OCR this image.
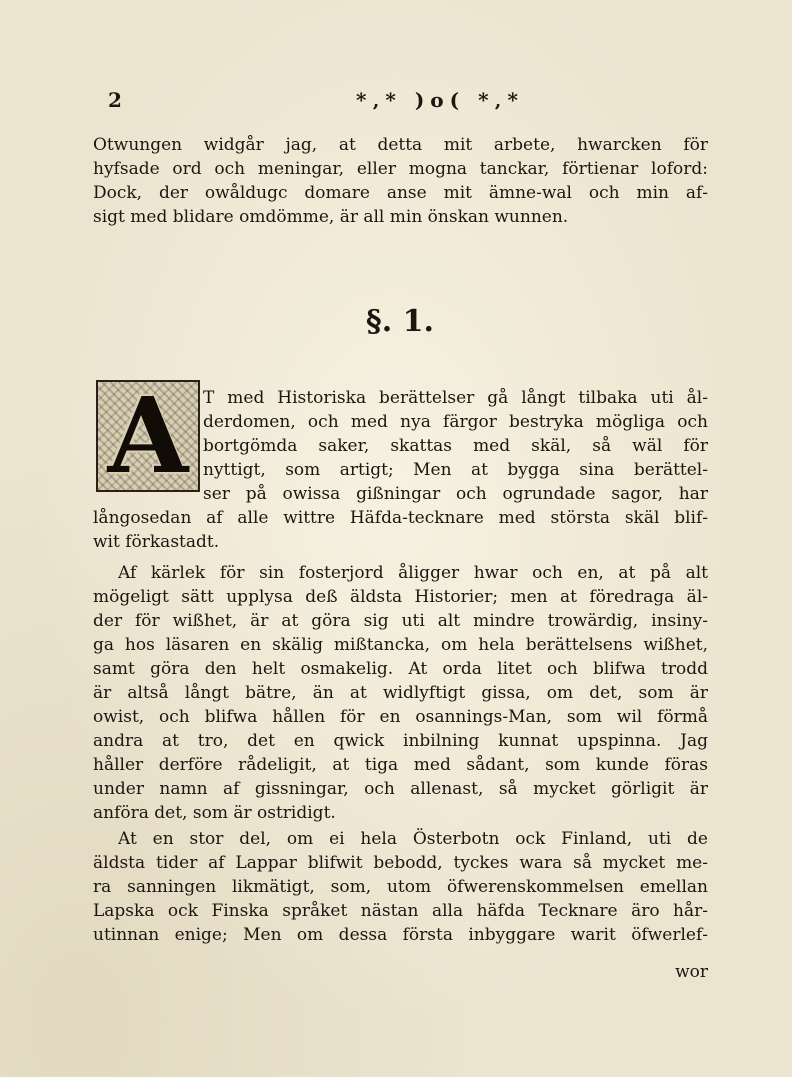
2	*‚* )o( *‚*
Otwungen widgår jag, at detta mit arbete, hwarcken för
hyfsade ord och meningar, eller mogna tanckar, förtienar loford:
Dock, der owåldugc domare anse mit ämne‑wal och min af‑
sigt med blidare omdömme, är all min önskan wunnen.
§. 1.
A T med Historiska berättelser gå långt tilbaka uti ål‑
derdomen, och med nya färgor bestryka mögliga och
bortgömda saker, skattas med skäl, så wäl för
nyttigt, som artigt; Men at bygga sina berättel‑
ser på owissa gißningar och ogrundade sagor, har
långosedan af alle wittre Häfda‑tecknare med största skäl blif‑
wit förkastadt.
Af kärlek för sin fosterjord åligger hwar och en, at på alt
mögeligt sätt upplysa deß äldsta Historier; men at föredraga äl‑
der för wißhet, är at göra sig uti alt mindre trowärdig, insiny‑
ga hos läsaren en skälig mißtancka, om hela berättelsens wißhet,
samt göra den helt osmakelig. At orda litet och blifwa trodd
är altså långt bätre, än at widlyftigt gissa, om det, som är
owist, och blifwa hållen för en osannings‑Man, som wil förmå
andra at tro, det en qwick inbilning kunnat upspinna. Jag
håller derföre rådeligit, at tiga med sådant, som kunde föras
under namn af gissningar, och allenast, så mycket görligit är
anföra det, som är ostridigt.
At en stor del, om ei hela Österbotn ock Finland, uti de
äldsta tider af Lappar blifwit bebodd, tyckes wara så mycket me‑
ra sanningen likmätigt, som, utom öfwerenskommelsen emellan
Lapska ock Finska språket nästan alla häfda Tecknare äro hår‑
utinnan enige; Men om dessa första inbyggare warit öfwerlef‑
wor
